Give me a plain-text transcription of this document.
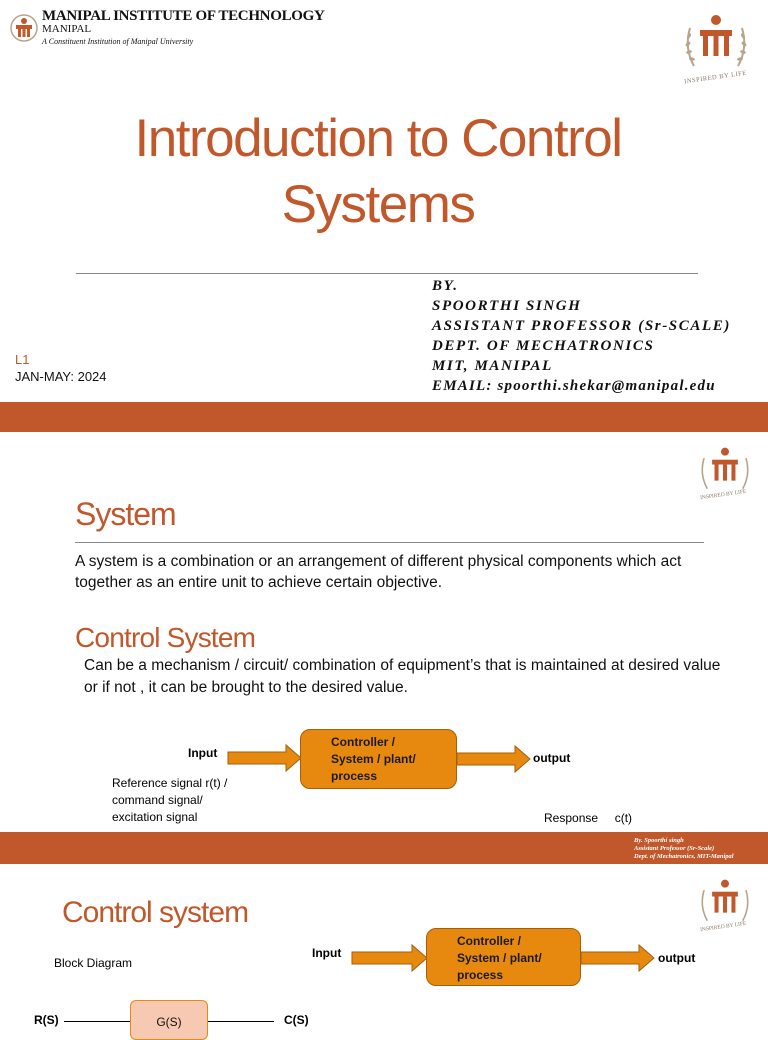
MANIPAL INSTITUTE OF TECHNOLOGY
MANIPAL
A Constituent Institution of Manipal University
INSPIRED BY LIFE
Introduction to Control
Systems
BY.
SPOORTHI SINGH
ASSISTANT PROFESSOR (Sr-SCALE)
DEPT. OF MECHATRONICS
MIT, MANIPAL
EMAIL: spoorthi.shekar@manipal.edu
L1
JAN-MAY: 2024
INSPIRED BY LIFE
System
A system is a combination or an arrangement of different physical components which act together as an entire unit to achieve certain objective.
Control System
Can be a mechanism / circuit/ combination of equipment’s that is maintained at desired value or if not , it can be brought to the desired value.
Input
Controller /
System / plant/
process
output
Reference signal r(t) /
command signal/
excitation signal

	Response     c(t)

By. Spoorthi singh
Assistant Professor (Sr-Scale)
Dept. of Mechatronics, MIT-Manipal
INSPIRED BY LIFE
Control system
Block Diagram
Input
Controller /
System / plant/
process
output
R(S)	G(S)	C(S)
